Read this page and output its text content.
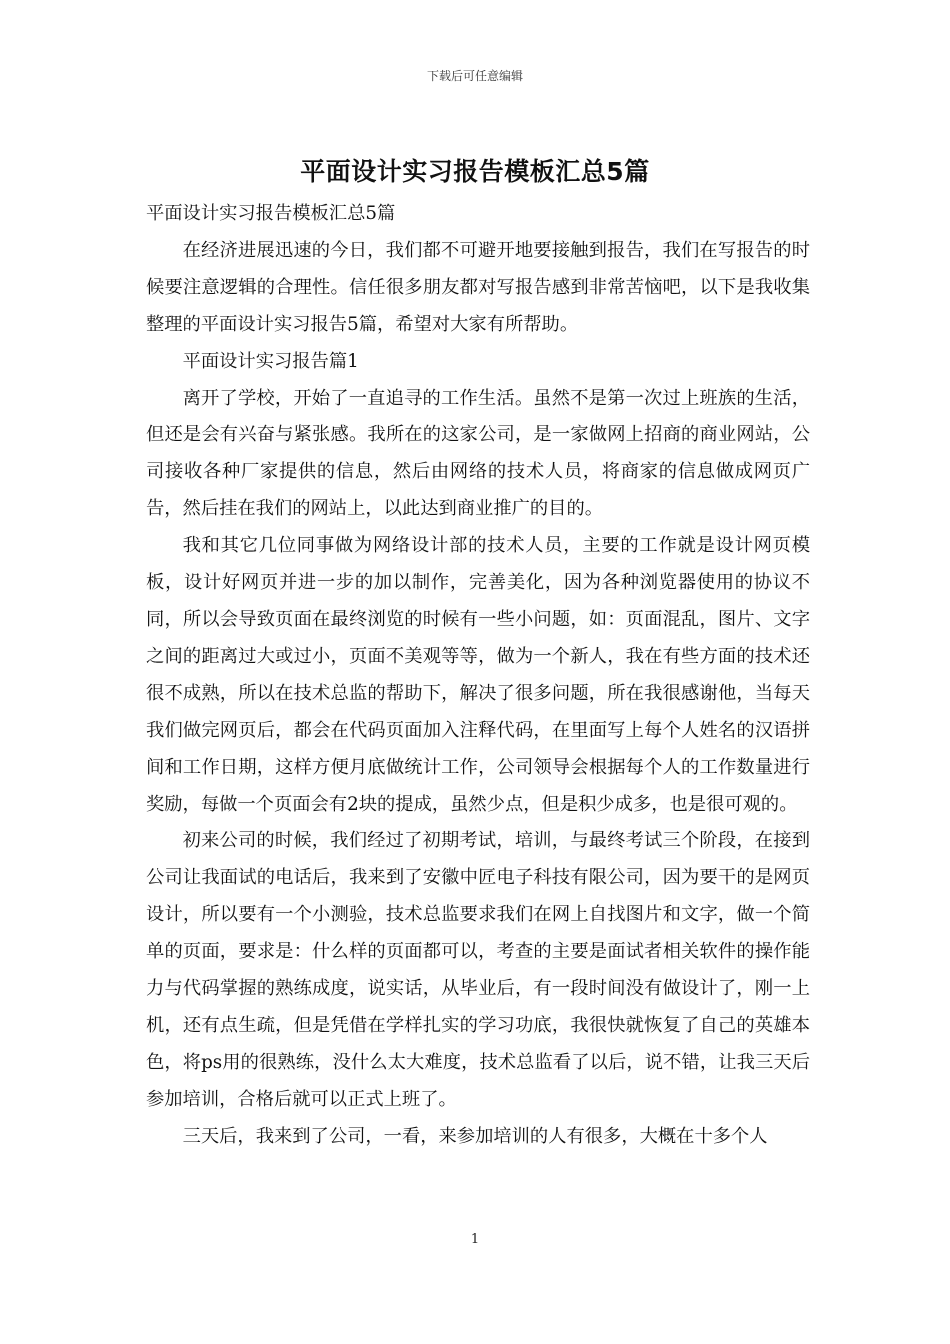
下载后可任意编辑
平面设计实习报告模板汇总5篇

平面设计实习报告模板汇总5篇

在经济进展迅速的今日，我们都不可避开地要接触到报告，我们在写报告的时候要注意逻辑的合理性。信任很多朋友都对写报告感到非常苦恼吧，以下是我收集整理的平面设计实习报告5篇，希望对大家有所帮助。

平面设计实习报告篇1

离开了学校，开始了一直追寻的工作生活。虽然不是第一次过上班族的生活，但还是会有兴奋与紧张感。我所在的这家公司，是一家做网上招商的商业网站，公司接收各种厂家提供的信息，然后由网络的技术人员，将商家的信息做成网页广告，然后挂在我们的网站上，以此达到商业推广的目的。

我和其它几位同事做为网络设计部的技术人员，主要的工作就是设计网页模板，设计好网页并进一步的加以制作，完善美化，因为各种浏览器使用的协议不同，所以会导致页面在最终浏览的时候有一些小问题，如：页面混乱，图片、文字之间的距离过大或过小，页面不美观等等，做为一个新人，我在有些方面的技术还很不成熟，所以在技术总监的帮助下，解决了很多问题，所在我很感谢他，当每天我们做完网页后，都会在代码页面加入注释代码，在里面写上每个人姓名的汉语拼间和工作日期，这样方便月底做统计工作，公司领导会根据每个人的工作数量进行奖励，每做一个页面会有2块的提成，虽然少点，但是积少成多，也是很可观的。

初来公司的时候，我们经过了初期考试，培训，与最终考试三个阶段，在接到公司让我面试的电话后，我来到了安徽中匠电子科技有限公司，因为要干的是网页设计，所以要有一个小测验，技术总监要求我们在网上自找图片和文字，做一个简单的页面，要求是：什么样的页面都可以，考查的主要是面试者相关软件的操作能力与代码掌握的熟练成度，说实话，从毕业后，有一段时间没有做设计了，刚一上机，还有点生疏，但是凭借在学样扎实的学习功底，我很快就恢复了自己的英雄本色，将ps用的很熟练，没什么太大难度，技术总监看了以后，说不错，让我三天后参加培训，合格后就可以正式上班了。

三天后，我来到了公司，一看，来参加培训的人有很多，大概在十多个人

1
